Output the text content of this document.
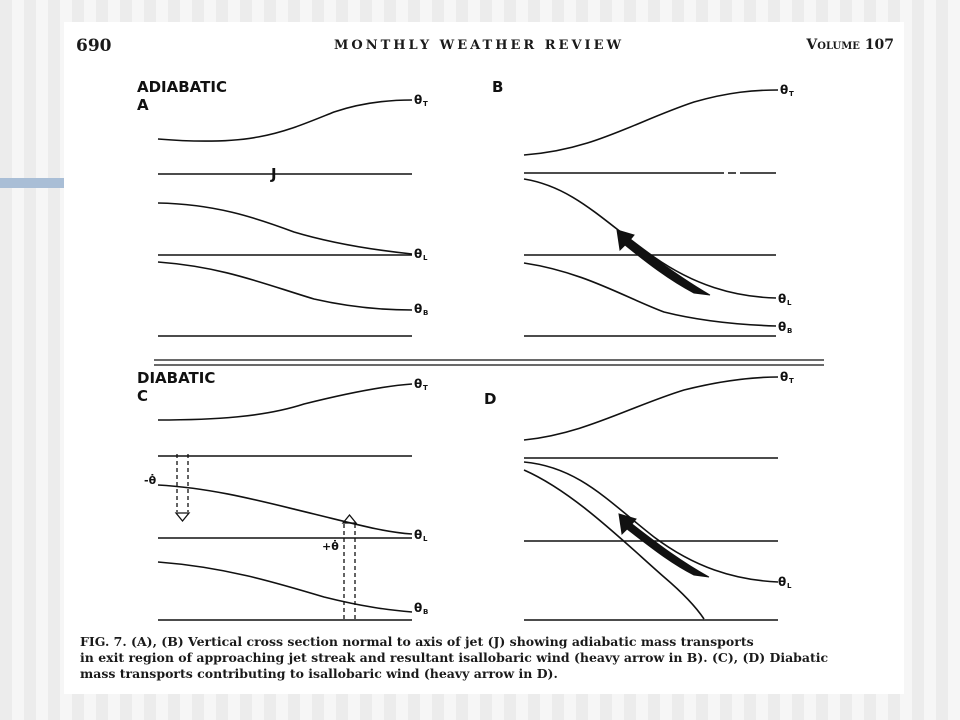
690	MONTHLY WEATHER REVIEW	Volume 107
ADIABATIC
A
J
θ T
θ L
θ B
B	θ T
θ L
θ B
DIABATIC
C
-θ̇
+θ̇
θ T
θ L
θ B
D
θ T
θ L
FIG. 7. (A), (B) Vertical cross section normal to axis of jet (J) showing adiabatic mass transports
in exit region of approaching jet streak and resultant isallobaric wind (heavy arrow in B). (C), (D) Diabatic
mass transports contributing to isallobaric wind (heavy arrow in D).
